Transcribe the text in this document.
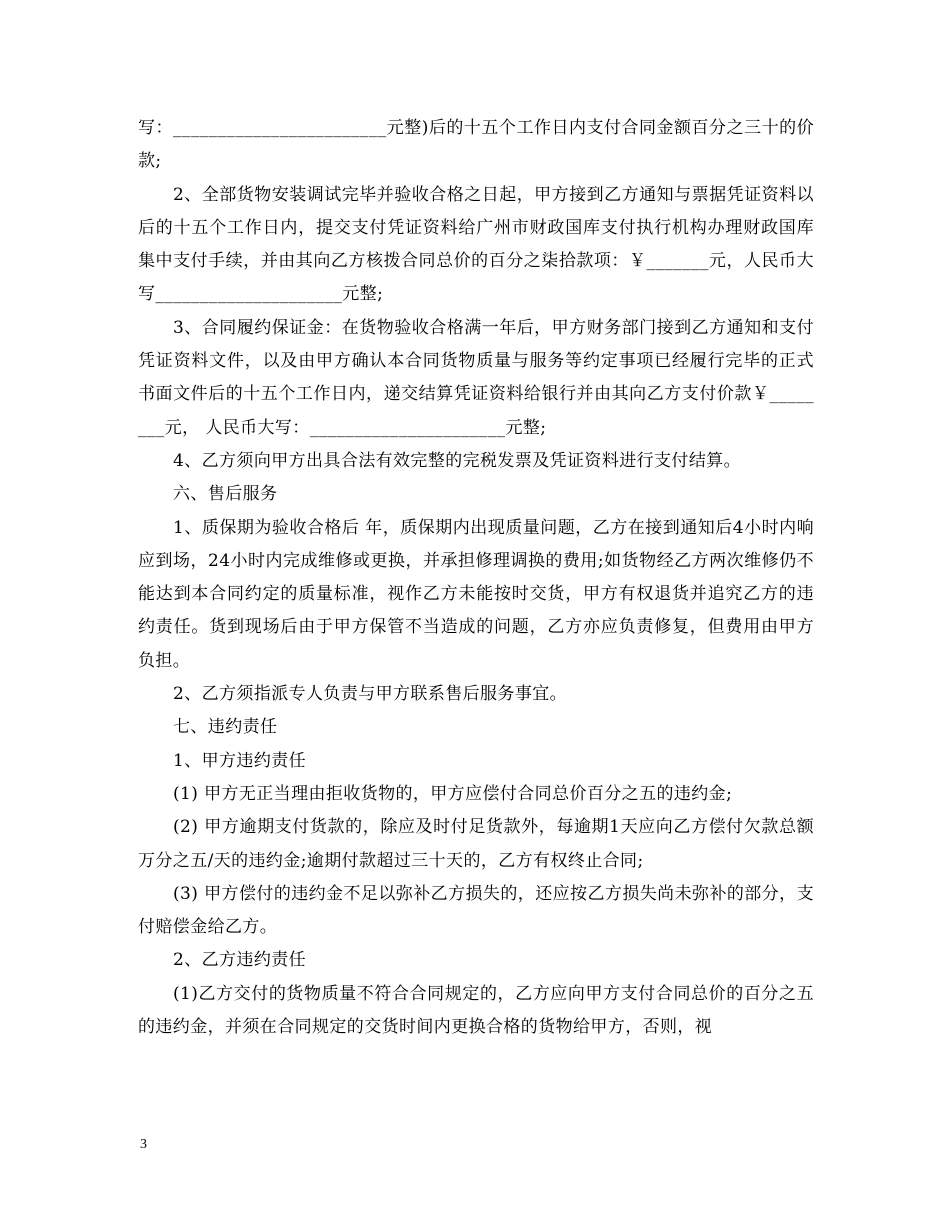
写：________________________元整)后的十五个工作日内支付合同金额百分之三十的价款;

2、全部货物安装调试完毕并验收合格之日起，甲方接到乙方通知与票据凭证资料以后的十五个工作日内，提交支付凭证资料给广州市财政国库支付执行机构办理财政国库集中支付手续，并由其向乙方核拨合同总价的百分之柒拾款项：￥_______元，人民币大写_____________________元整;

3、合同履约保证金：在货物验收合格满一年后，甲方财务部门接到乙方通知和支付凭证资料文件，以及由甲方确认本合同货物质量与服务等约定事项已经履行完毕的正式书面文件后的十五个工作日内，递交结算凭证资料给银行并由其向乙方支付价款￥________元， 人民币大写：______________________元整;

4、乙方须向甲方出具合法有效完整的完税发票及凭证资料进行支付结算。

六、售后服务

1、质保期为验收合格后 年，质保期内出现质量问题，乙方在接到通知后4小时内响应到场，24小时内完成维修或更换，并承担修理调换的费用;如货物经乙方两次维修仍不能达到本合同约定的质量标准，视作乙方未能按时交货，甲方有权退货并追究乙方的违约责任。货到现场后由于甲方保管不当造成的问题，乙方亦应负责修复，但费用由甲方负担。

2、乙方须指派专人负责与甲方联系售后服务事宜。

七、违约责任

1、甲方违约责任

(1) 甲方无正当理由拒收货物的，甲方应偿付合同总价百分之五的违约金;

(2) 甲方逾期支付货款的，除应及时付足货款外，每逾期1天应向乙方偿付欠款总额万分之五/天的违约金;逾期付款超过三十天的，乙方有权终止合同;

(3) 甲方偿付的违约金不足以弥补乙方损失的，还应按乙方损失尚未弥补的部分，支付赔偿金给乙方。

2、乙方违约责任

(1)乙方交付的货物质量不符合合同规定的，乙方应向甲方支付合同总价的百分之五的违约金，并须在合同规定的交货时间内更换合格的货物给甲方，否则，视

3
